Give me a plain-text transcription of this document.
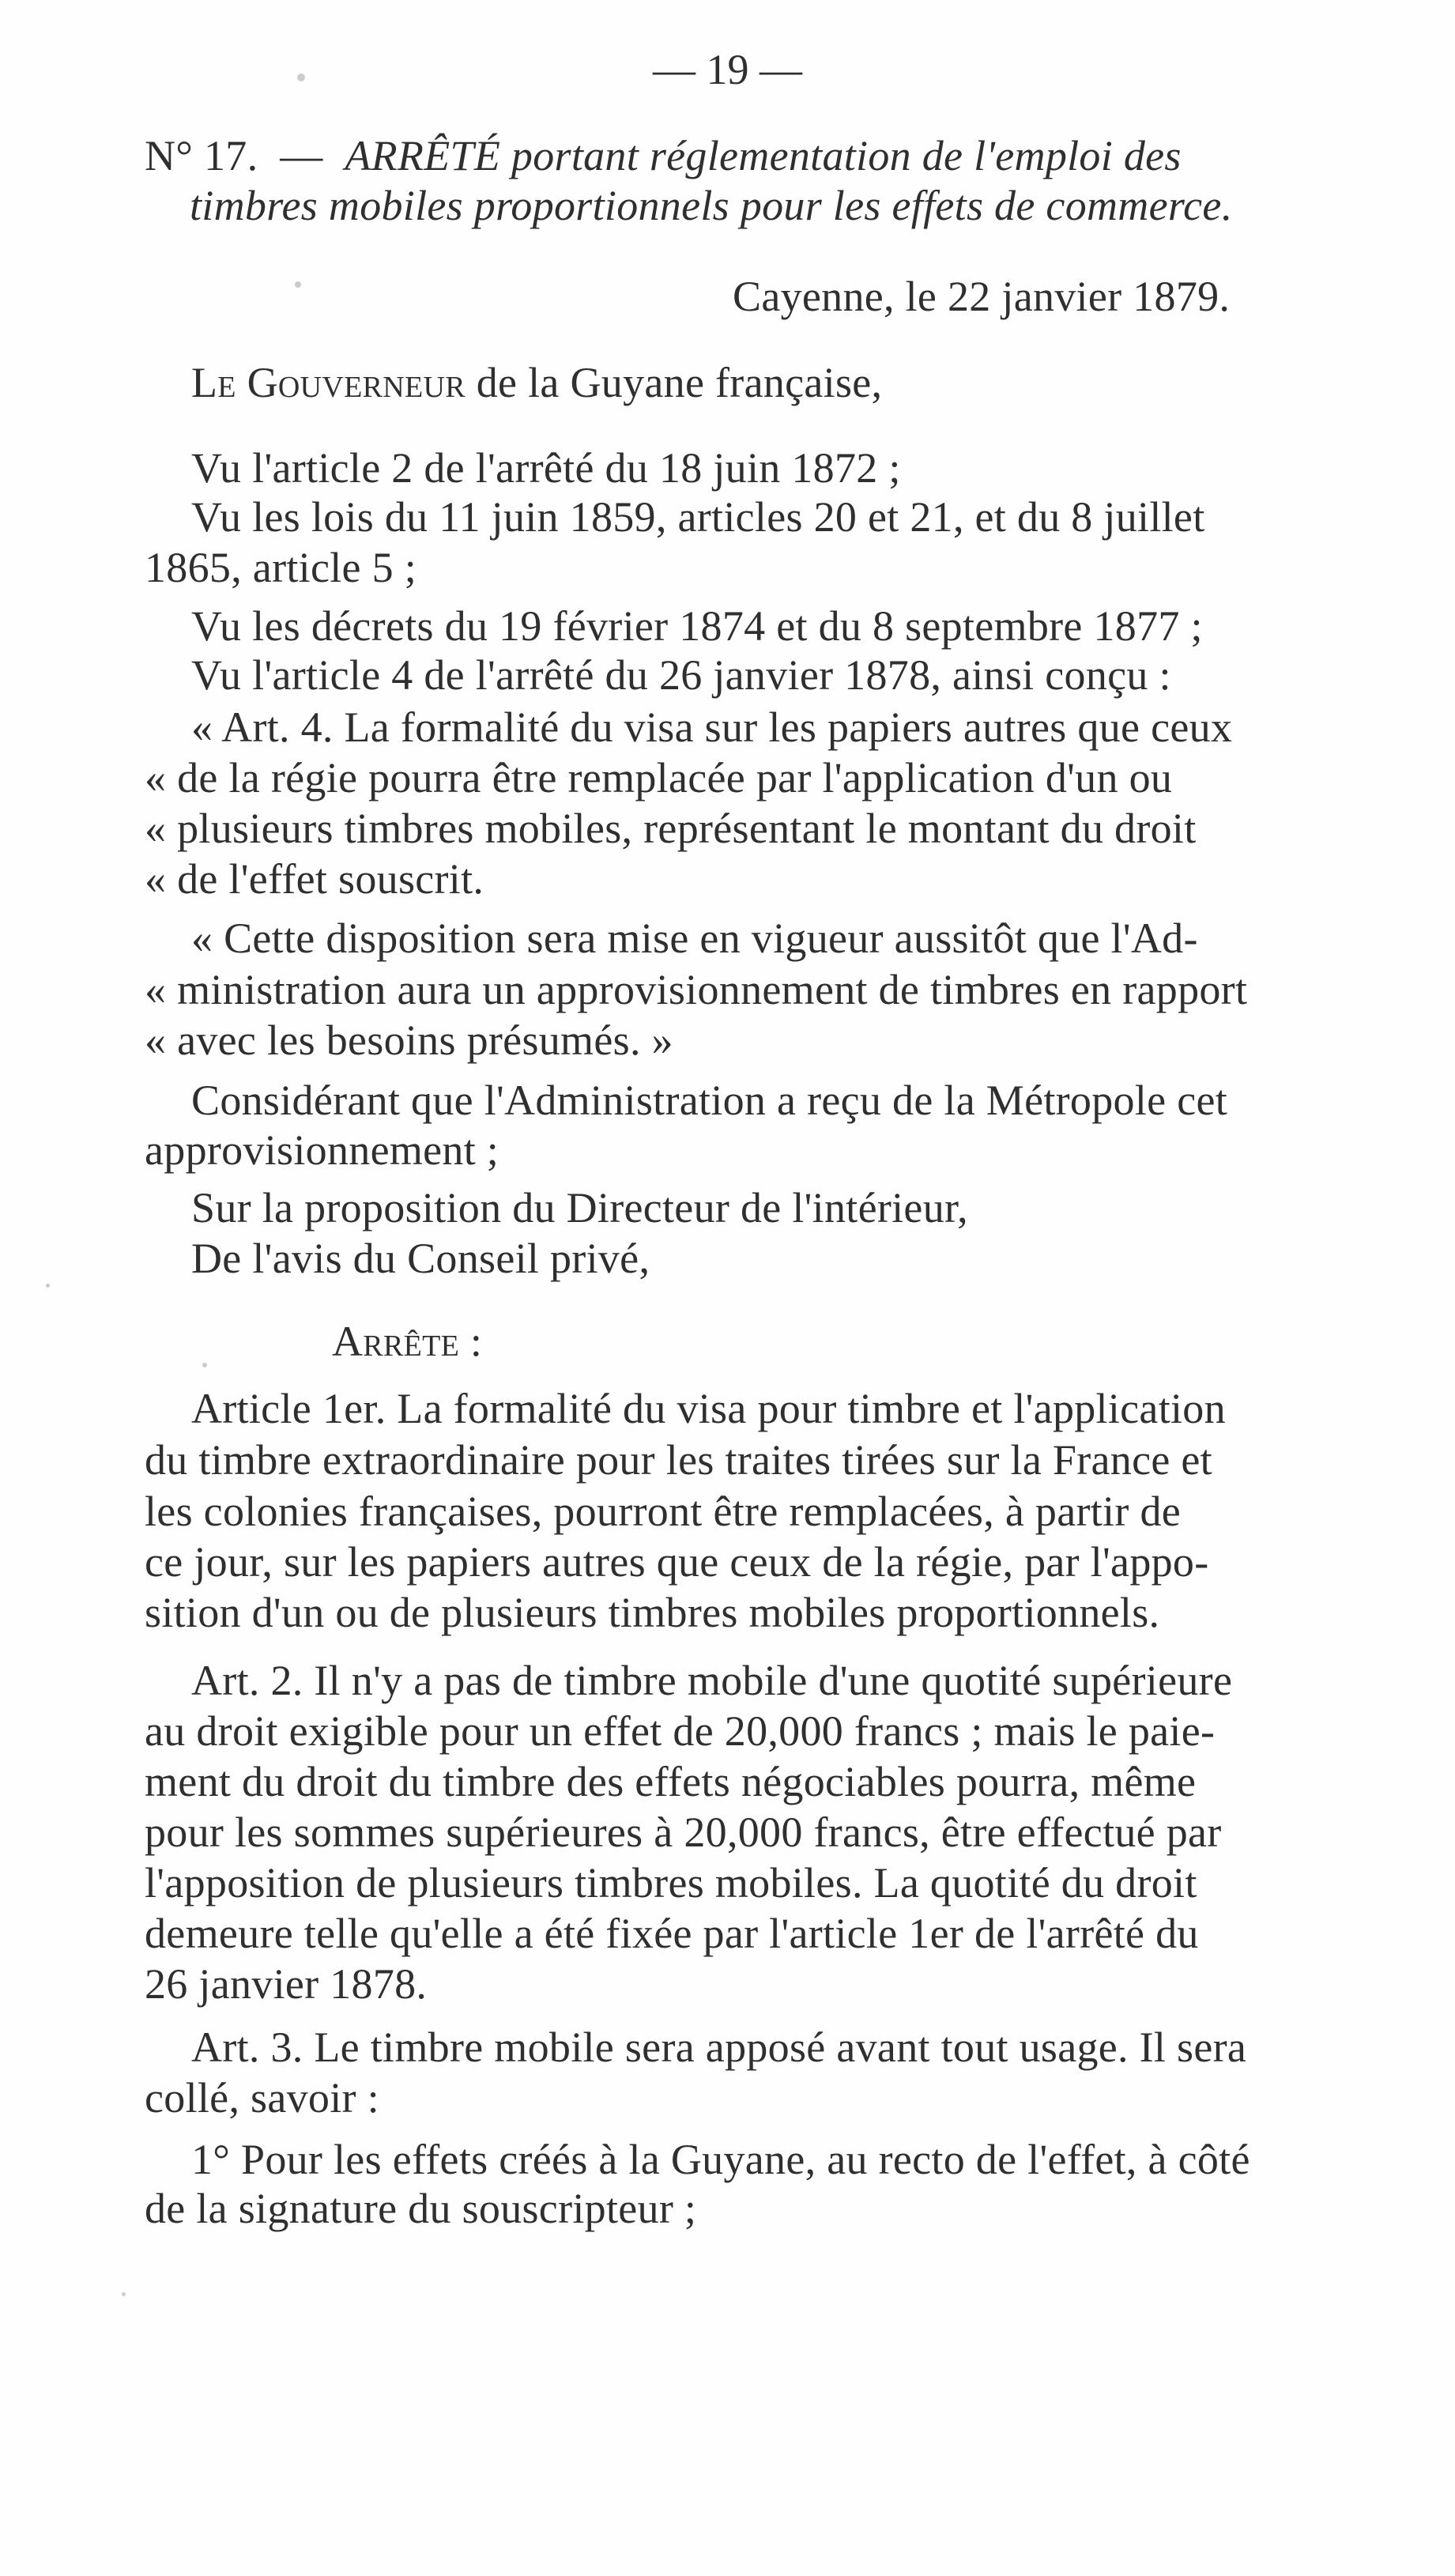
— 19 —
N° 17. — ARRÊTÉ portant réglementation de l'emploi des
timbres mobiles proportionnels pour les effets de commerce.
Cayenne, le 22 janvier 1879.
Le Gouverneur de la Guyane française,
Vu l'article 2 de l'arrêté du 18 juin 1872 ;
Vu les lois du 11 juin 1859, articles 20 et 21, et du 8 juillet
1865, article 5 ;
Vu les décrets du 19 février 1874 et du 8 septembre 1877 ;
Vu l'article 4 de l'arrêté du 26 janvier 1878, ainsi conçu :
« Art. 4. La formalité du visa sur les papiers autres que ceux
« de la régie pourra être remplacée par l'application d'un ou
« plusieurs timbres mobiles, représentant le montant du droit
« de l'effet souscrit.
« Cette disposition sera mise en vigueur aussitôt que l'Ad-
« ministration aura un approvisionnement de timbres en rapport
« avec les besoins présumés. »
Considérant que l'Administration a reçu de la Métropole cet
approvisionnement ;
Sur la proposition du Directeur de l'intérieur,
De l'avis du Conseil privé,
Arrête :
Article 1er. La formalité du visa pour timbre et l'application
du timbre extraordinaire pour les traites tirées sur la France et
les colonies françaises, pourront être remplacées, à partir de
ce jour, sur les papiers autres que ceux de la régie, par l'appo-
sition d'un ou de plusieurs timbres mobiles proportionnels.
Art. 2. Il n'y a pas de timbre mobile d'une quotité supérieure
au droit exigible pour un effet de 20,000 francs ; mais le paie-
ment du droit du timbre des effets négociables pourra, même
pour les sommes supérieures à 20,000 francs, être effectué par
l'apposition de plusieurs timbres mobiles. La quotité du droit
demeure telle qu'elle a été fixée par l'article 1er de l'arrêté du
26 janvier 1878.
Art. 3. Le timbre mobile sera apposé avant tout usage. Il sera
collé, savoir :
1° Pour les effets créés à la Guyane, au recto de l'effet, à côté
de la signature du souscripteur ;
